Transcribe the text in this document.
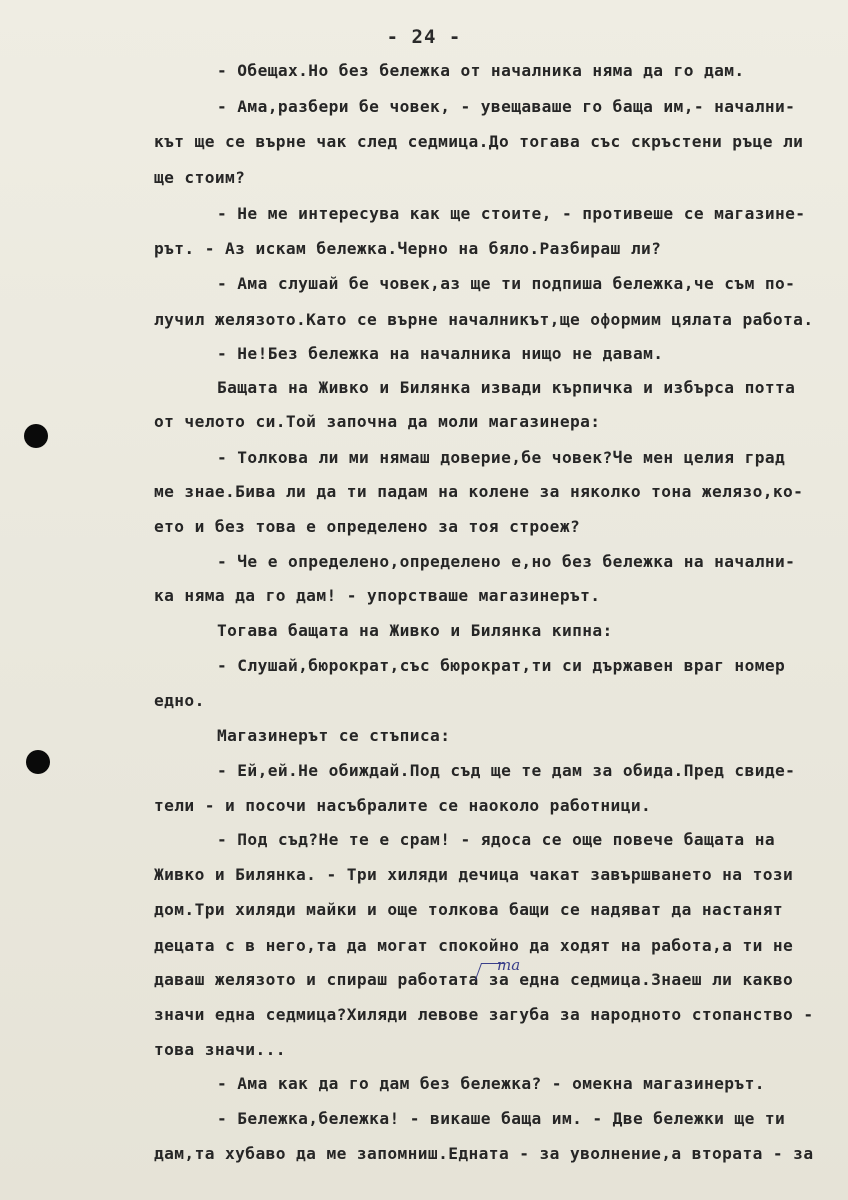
- 24 -
- Обещах.Но без бележка от началника няма да го дам.
- Ама,разбери бе човек, - увещаваше го баща им,- начални-
кът ще се върне чак след седмица.До тогава със скръстени ръце ли
ще стоим?
- Не ме интересува как ще стоите, - противеше се магазине-
рът. - Аз искам бележка.Черно на бяло.Разбираш ли?
- Ама слушай бе човек,аз ще ти подпиша бележка,че съм по-
лучил желязото.Като се върне началникът,ще оформим цялата работа.
- Не!Без бележка на началника нищо не давам.
Бащата на Живко и Билянка извади кърпичка и избърса потта
от челото си.Той започна да моли магазинера:
- Толкова ли ми нямаш доверие,бе човек?Че мен целия град
ме знае.Бива ли да ти падам на колене за няколко тона желязо,ко-
ето и без това е определено за тоя строеж?
- Че е определено,определено е,но без бележка на начални-
ка няма да го дам! - упорстваше магазинерът.
Тогава бащата на Живко и Билянка кипна:
- Слушай,бюрократ,със бюрократ,ти си държавен враг номер
едно.
Магазинерът се стъписа:
- Ей,ей.Не обиждай.Под съд ще те дам за обида.Пред свиде-
тели - и посочи насъбралите се наоколо работници.
- Под съд?Не те е срам! - ядоса се още повече бащата на
Живко и Билянка. - Три хиляди дечица чакат завършването на този
дом.Три хиляди майки и още толкова бащи се надяват да настанят
децата с в него,та да могат спокойно да ходят на работа,а ти не
даваш желязото и спираш работата за една седмица.Знаеш ли какво
значи една седмица?Хиляди левове загуба за народното стопанство -
това значи...
- Ама как да го дам без бележка? - омекна магазинерът.
- Бележка,бележка! - викаше баща им. - Две бележки ще ти
дам,та хубаво да ме запомниш.Едната - за уволнение,а втората - за
ma
